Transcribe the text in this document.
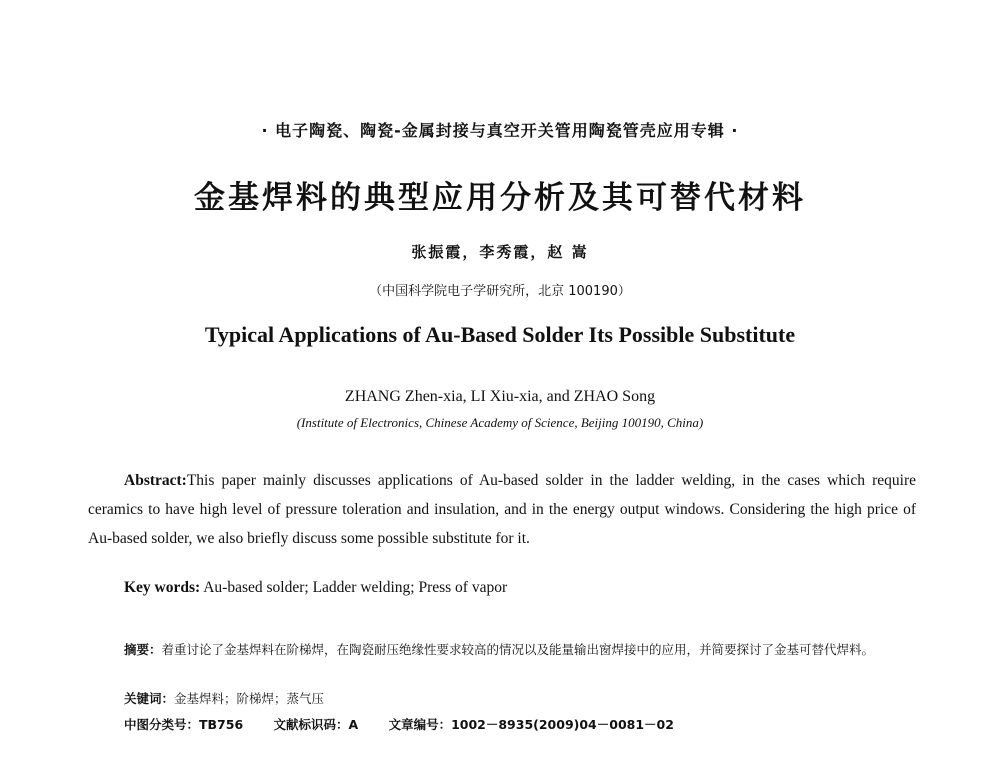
· 电子陶瓷、陶瓷-金属封接与真空开关管用陶瓷管壳应用专辑 ·
金基焊料的典型应用分析及其可替代材料
张振霞，李秀霞，赵 嵩
（中国科学院电子学研究所，北京 100190）
Typical Applications of Au-Based Solder Its Possible Substitute
ZHANG Zhen-xia, LI Xiu-xia, and ZHAO Song
(Institute of Electronics, Chinese Academy of Science, Beijing 100190, China)
Abstract:This paper mainly discusses applications of Au-based solder in the ladder welding, in the cases which require ceramics to have high level of pressure toleration and insulation, and in the energy output windows. Considering the high price of Au-based solder, we also briefly discuss some possible substitute for it.
Key words: Au-based solder; Ladder welding; Press of vapor
摘要：着重讨论了金基焊料在阶梯焊，在陶瓷耐压绝缘性要求较高的情况以及能量输出窗焊接中的应用，并简要探讨了金基可替代焊料。
关键词：金基焊料；阶梯焊；蒸气压
中图分类号：TB756 文献标识码：A 文章编号：1002－8935(2009)04－0081－02
